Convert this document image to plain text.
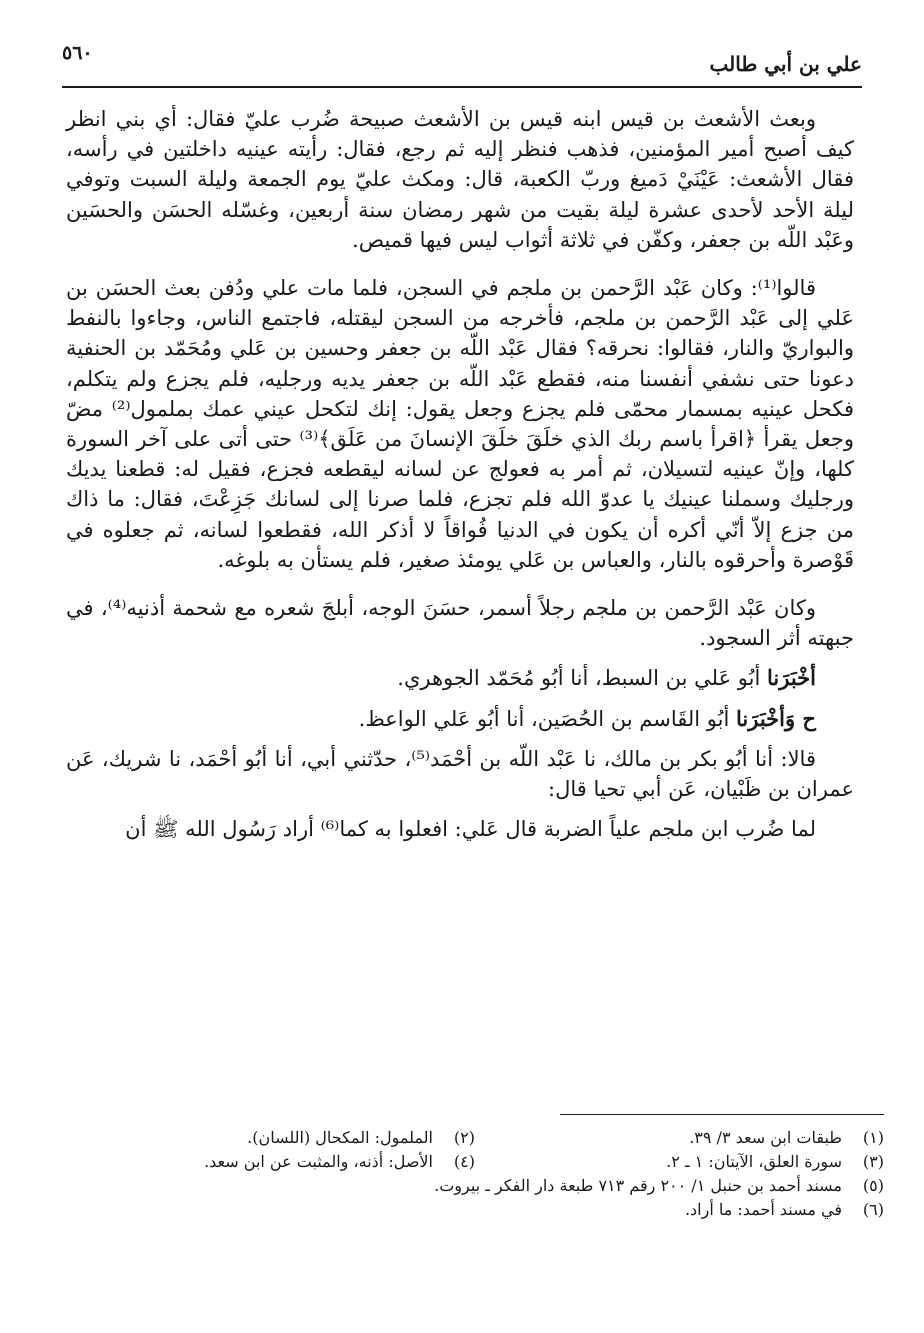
علي بن أبي طالب
٥٦٠

وبعث الأشعث بن قيس ابنه قيس بن الأشعث صبيحة ضُرب عليّ فقال: أي بني انظر كيف أصبح أمير المؤمنين، فذهب فنظر إليه ثم رجع، فقال: رأيته عينيه داخلتين في رأسه، فقال الأشعث: عَيْنَيْ دَميغ وربّ الكعبة، قال: ومكث عليّ يوم الجمعة وليلة السبت وتوفي ليلة الأحد لأحدى عشرة ليلة بقيت من شهر رمضان سنة أربعين، وغسّله الحسَن والحسَين وعَبْد اللّه بن جعفر، وكفّن في ثلاثة أثواب ليس فيها قميص.

قالوا⁽¹⁾: وكان عَبْد الرَّحمن بن ملجم في السجن، فلما مات علي ودُفن بعث الحسَن بن عَلي إلى عَبْد الرَّحمن بن ملجم، فأخرجه من السجن ليقتله، فاجتمع الناس، وجاءوا بالنفط والبواريّ والنار، فقالوا: نحرقه؟ فقال عَبْد اللّه بن جعفر وحسين بن عَلي ومُحَمّد بن الحنفية دعونا حتى نشفي أنفسنا منه، فقطع عَبْد اللّه بن جعفر يديه ورجليه، فلم يجزع ولم يتكلم، فكحل عينيه بمسمار محمّى فلم يجزع وجعل يقول: إنك لتكحل عيني عمك بملمول⁽²⁾ مضّ وجعل يقرأ ﴿اقرأ باسم ربك الذي خلَقَ خلَقَ الإنسانَ من عَلَق﴾⁽³⁾ حتى أتى على آخر السورة كلها، وإنّ عينيه لتسيلان، ثم أمر به فعولج عن لسانه ليقطعه فجزع، فقيل له: قطعنا يديك ورجليك وسملنا عينيك يا عدوّ الله فلم تجزع، فلما صرنا إلى لسانك جَزِعْتَ، فقال: ما ذاك من جزع إلاّ أنّي أكره أن يكون في الدنيا فُواقاً لا أذكر الله، فقطعوا لسانه، ثم جعلوه في قَوْصرة وأحرقوه بالنار، والعباس بن عَلي يومئذ صغير، فلم يستأن به بلوغه.

وكان عَبْد الرَّحمن بن ملجم رجلاً أسمر، حسَنَ الوجه، أبلجَ شعره مع شحمة أذنيه⁽⁴⁾، في جبهته أثر السجود.

أخْبَرَنا أبُو عَلي بن السبط، أنا أبُو مُحَمّد الجوهري.

ح وَأخْبَرَنا أبُو القَاسم بن الحُصَين، أنا أبُو عَلي الواعظ.

قالا: أنا أبُو بكر بن مالك، نا عَبْد اللّه بن أحْمَد⁽⁵⁾، حدّثني أبي، أنا أبُو أحْمَد، نا شريك، عَن عمران بن ظَبْيان، عَن أبي تحيا قال:

لما ضُرب ابن ملجم علياً الضربة قال عَلي: افعلوا به كما⁽⁶⁾ أراد رَسُول الله ﷺ أن

(١)طبقات ابن سعد ٣/ ٣٩.
(٢)الملمول: المكحال (اللسان).
(٣)سورة العلق، الآيتان: ١ ـ ٢.
(٤)الأصل: أذنه، والمثبت عن ابن سعد.
(٥)مسند أحمد بن حنبل ١/ ٢٠٠ رقم ٧١٣ طبعة دار الفكر ـ بيروت.
(٦)في مسند أحمد: ما أراد.
